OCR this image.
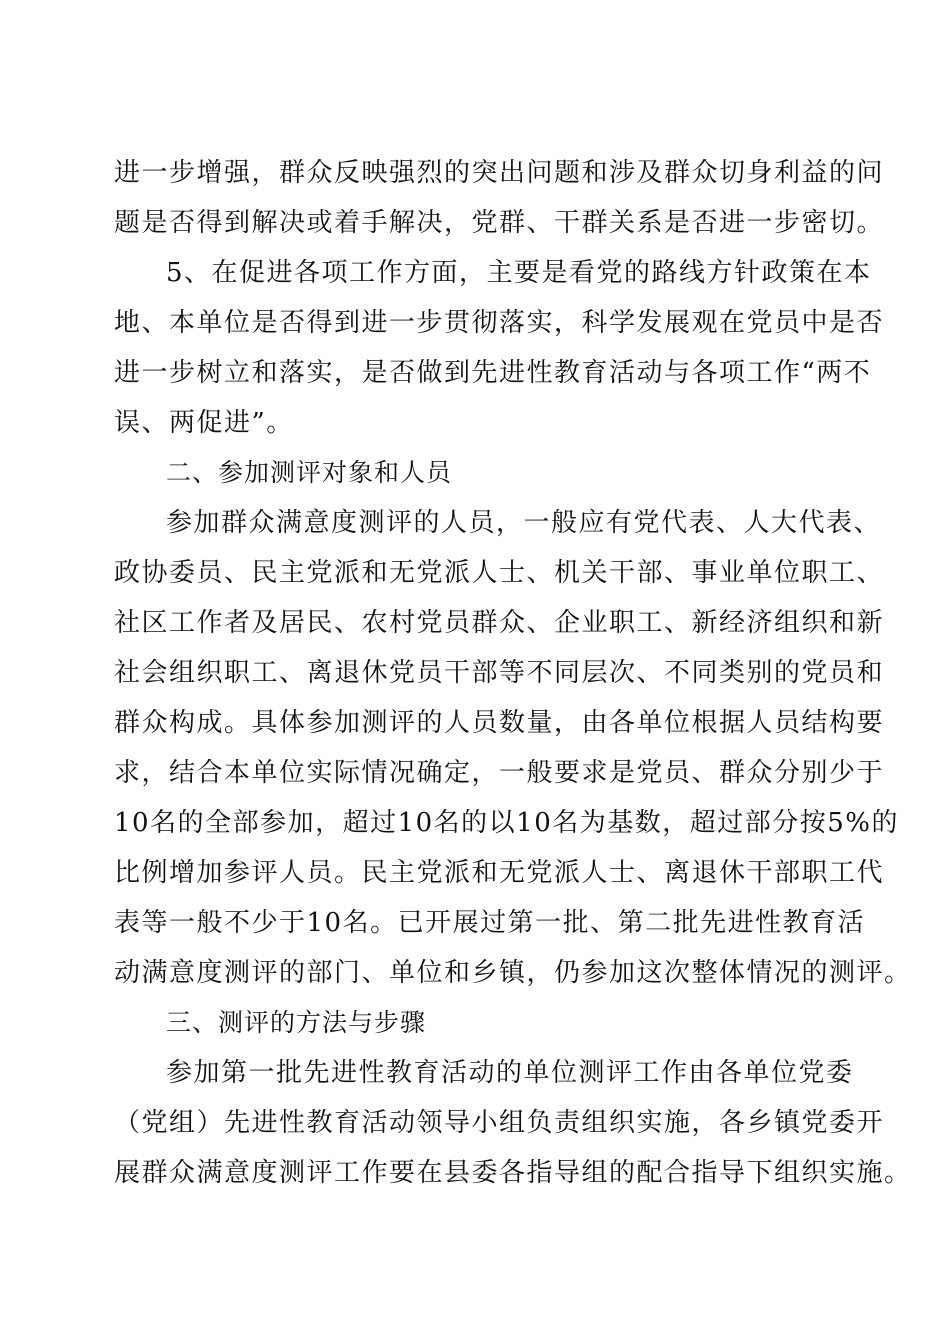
进一步增强，群众反映强烈的突出问题和涉及群众切身利益的问
题是否得到解决或着手解决，党群、干群关系是否进一步密切。
5、在促进各项工作方面，主要是看党的路线方针政策在本
地、本单位是否得到进一步贯彻落实，科学发展观在党员中是否
进一步树立和落实，是否做到先进性教育活动与各项工作“两不
误、两促进”。
二、参加测评对象和人员
参加群众满意度测评的人员，一般应有党代表、人大代表、
政协委员、民主党派和无党派人士、机关干部、事业单位职工、
社区工作者及居民、农村党员群众、企业职工、新经济组织和新
社会组织职工、离退休党员干部等不同层次、不同类别的党员和
群众构成。具体参加测评的人员数量，由各单位根据人员结构要
求，结合本单位实际情况确定，一般要求是党员、群众分别少于
10名的全部参加，超过10名的以10名为基数，超过部分按5%的
比例增加参评人员。民主党派和无党派人士、离退休干部职工代
表等一般不少于10名。已开展过第一批、第二批先进性教育活
动满意度测评的部门、单位和乡镇，仍参加这次整体情况的测评。
三、测评的方法与步骤
参加第一批先进性教育活动的单位测评工作由各单位党委
（党组）先进性教育活动领导小组负责组织实施，各乡镇党委开
展群众满意度测评工作要在县委各指导组的配合指导下组织实施。
